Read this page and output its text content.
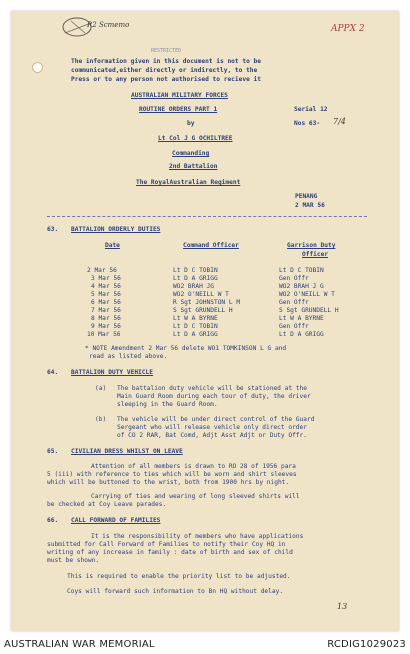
R2 Scmemo	APPX 2
RESTRICTED
The information given in this document is not to be
communicated,either directly or indirectly, to the
Press or to any person not authorised to recieve it
AUSTRALIAN MILITARY FORCES
ROUTINE ORDERS PART 1	Serial 12
by	Nos 63- 7/4
Lt Col J G OCHILTREE
Commanding
2nd Battalion
The RoyalAustralian Regiment
PENANG
2 MAR 56
63. BATTALION ORDERLY DUTIES
Date	Command Officer	Garrison Duty
Officer
2 Mar 56	Lt D C TOBIN	Lt D C TOBIN
3 Mar 56	Lt D A GRIGG	Gen Offr
4 Mar 56	WO2 BRAH JG	WO2 BRAH J G
5 Mar 56	WO2 O'NEILL W T	WO2 O'NEILL W T
6 Mar 56	R Sgt JOHNSTON L M	Gen Offr
7 Mar 56	S Sgt GRUNDELL H	S Sgt GRUNDELL H
8 Mar 56	Lt W A BYRNE	Lt W A BYRNE
9 Mar 56	Lt D C TOBIN	Gen Offr
10 Mar 56	Lt D A GRIGG	Lt D A GRIGG
* NOTE Amendment 2 Mar 56 delete WO1 TOMKINSON L G and
read as listed above.
64. BATTALION DUTY VEHICLE
(a) The battalion duty vehicle will be stationed at the
Main Guard Room during each tour of duty, the driver
sleeping in the Guard Room.
(b) The vehicle will be under direct control of the Guard
Sergeant who will release vehicle only direct order
of CO 2 RAR, Bat Comd, Adjt Asst Adjt or Duty Offr.
65. CIVILIAN DRESS WHILST ON LEAVE
Attention of all members is drawn to RO 28 of 1956 para
5 (iii) with reference to ties which will be worn and shirt sleeves
which will be buttoned to the wrist, both from 1900 hrs by night.
Carrying of ties and wearing of long sleeved shirts will
be checked at Coy Leave parades.
66. CALL FORWARD OF FAMILIES
It is the responsibility of members who have applications
submitted for Call Forward of Families to notify their Coy HQ in
writing of any increase in family : date of birth and sex of child
must be shown.
This is required to enable the priority list to be adjusted.
Coys will forward such information to Bn HQ without delay.
13
AUSTRALIAN WAR MEMORIAL	RCDIG1029023
